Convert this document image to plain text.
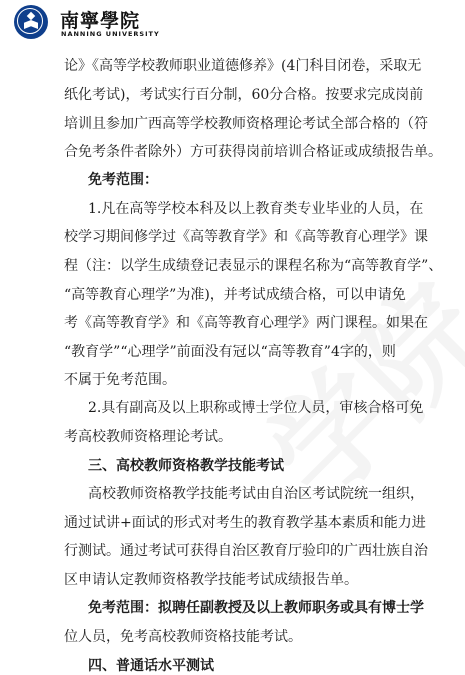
南寧學院
NANNING UNIVERSITY
论》《高等学校教师职业道德修养》(4门科目闭卷，采取无
纸化考试)，考试实行百分制，60分合格。按要求完成岗前
培训且参加广西高等学校教师资格理论考试全部合格的（符
合免考条件者除外）方可获得岗前培训合格证或成绩报告单。
免考范围：
1.凡在高等学校本科及以上教育类专业毕业的人员，在
校学习期间修学过《高等教育学》和《高等教育心理学》课
程（注：以学生成绩登记表显示的课程名称为“高等教育学”、
“高等教育心理学”为准)，并考试成绩合格，可以申请免
考《高等教育学》和《高等教育心理学》两门课程。如果在
“教育学”“心理学”前面没有冠以“高等教育”4字的，则
不属于免考范围。
2.具有副高及以上职称或博士学位人员，审核合格可免
考高校教师资格理论考试。
三、高校教师资格教学技能考试
高校教师资格教学技能考试由自治区考试院统一组织，
通过试讲+面试的形式对考生的教育教学基本素质和能力进
行测试。通过考试可获得自治区教育厅验印的广西壮族自治
区申请认定教师资格教学技能考试成绩报告单。
免考范围：拟聘任副教授及以上教师职务或具有博士学
位人员，免考高校教师资格技能考试。
四、普通话水平测试
